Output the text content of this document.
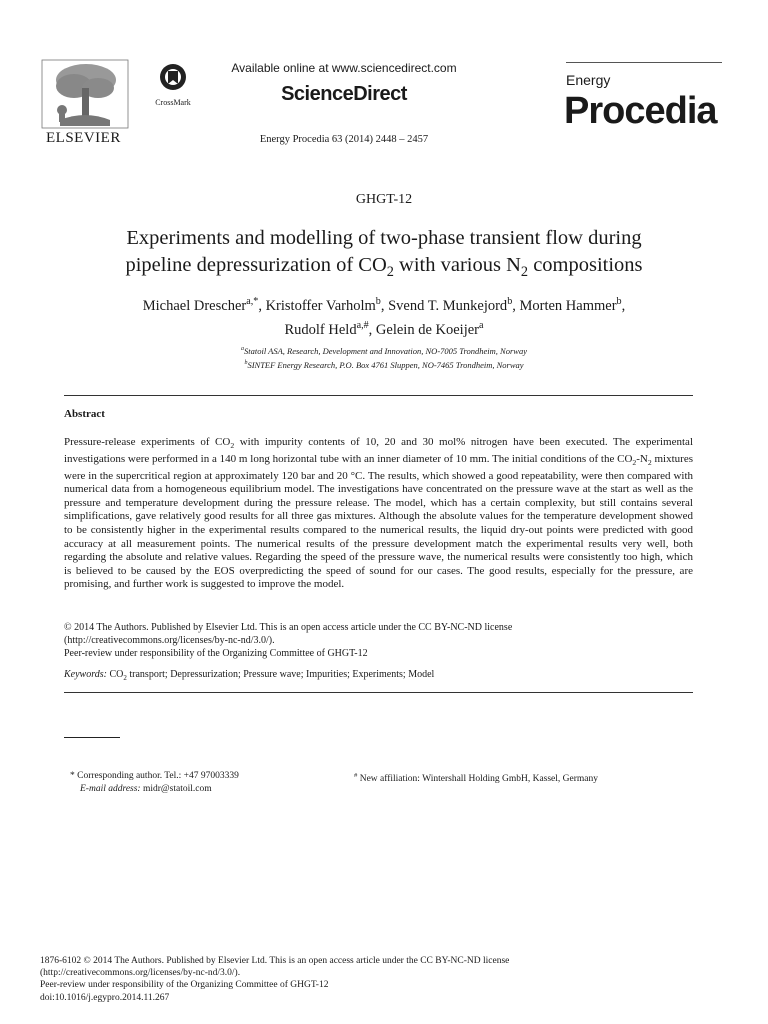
ELSEVIER
CrossMark
Available online at www.sciencedirect.com
ScienceDirect
Energy Procedia 63 (2014) 2448 – 2457
Energy
Procedia
GHGT-12
Experiments and modelling of two-phase transient flow during
pipeline depressurization of $CO_2$ with various $N_2$ compositions
Michael Drescher$^{a,*}$, Kristoffer Varholm$^b$, Svend T. Munkejord$^b$, Morten Hammer$^b$,
Rudolf Held$^{a,\#}$, Gelein de Koeijer$^a$
$^a$Statoil ASA, Research, Development and Innovation, NO-7005 Trondheim, Norway
$^b$SINTEF Energy Research, P.O. Box 4761 Sluppen, NO-7465 Trondheim, Norway
Abstract
Pressure-release experiments of $CO_2$ with impurity contents of 10, 20 and 30 mol% nitrogen have been executed. The experimental investigations were performed in a 140 m long horizontal tube with an inner diameter of 10 mm. The initial conditions of the $CO_2-N_2$ mixtures were in the supercritical region at approximately 120 bar and 20 °C. The results, which showed a good repeatability, were then compared with numerical data from a homogeneous equilibrium model. The investigations have concentrated on the pressure wave at the start as well as the pressure and temperature development during the pressure release. The model, which has a certain complexity, but still contains several simplifications, gave relatively good results for all three gas mixtures. Although the absolute values for the temperature development showed to be consistently higher in the experimental results compared to the numerical results, the liquid dry-out points were predicted with good accuracy at all measurement points. The numerical results of the pressure development match the experimental results very well, both regarding the absolute and relative values. Regarding the speed of the pressure wave, the numerical results were consistently too high, which is believed to be caused by the EOS overpredicting the speed of sound for our cases. The good results, especially for the pressure, are promising, and further work is suggested to improve the model.
© 2014 The Authors. Published by Elsevier Ltd. This is an open access article under the CC BY-NC-ND license
(http://creativecommons.org/licenses/by-nc-nd/3.0/).
Peer-review under responsibility of the Organizing Committee of GHGT-12
Keywords: $CO_2$ transport; Depressurization; Pressure wave; Impurities; Experiments; Model
* Corresponding author. Tel.: +47 97003339
E-mail address: midr@statoil.com
# New affiliation: Wintershall Holding GmbH, Kassel, Germany
1876-6102 © 2014 The Authors. Published by Elsevier Ltd. This is an open access article under the CC BY-NC-ND license
(http://creativecommons.org/licenses/by-nc-nd/3.0/).
Peer-review under responsibility of the Organizing Committee of GHGT-12
doi:10.1016/j.egypro.2014.11.267
